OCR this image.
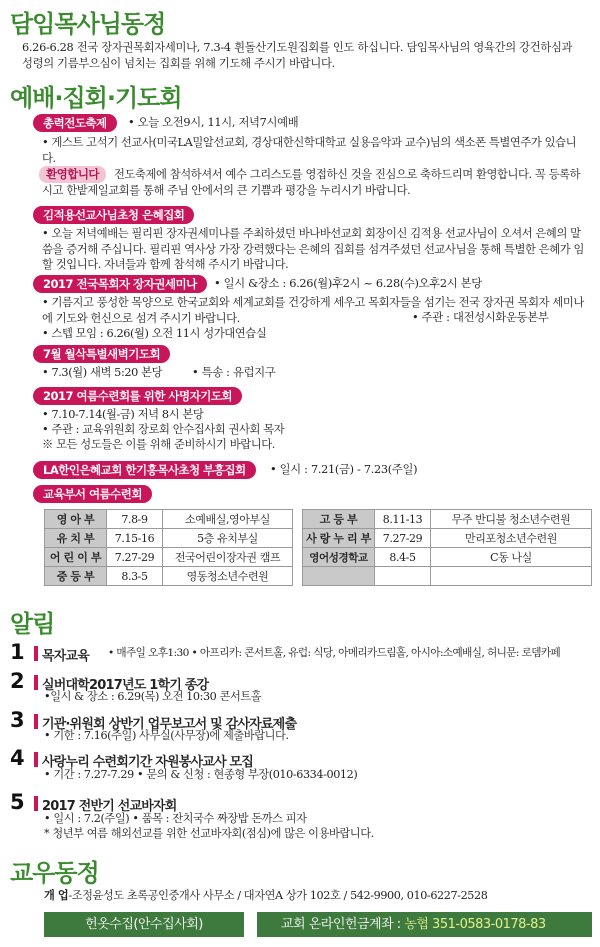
담임목사님동정
6.26-6.28 전국 장자권목회자세미나, 7.3-4 휜돌산기도원집회를 인도 하십니다. 담임목사님의 영육간의 강건하심과 성령의 기름부으심이 넘치는 집회를 위해 기도해 주시기 바랍니다.
예배·집회·기도회
총력전도축제	• 오늘 오전9시, 11시, 저녁7시예배
• 게스트 고석기 선교사(미국LA밀알선교회, 경상대한신학대학교 실용음악과 교수)님의 색소폰 특별연주가 있습니다.
환영합니다	전도축제에 참석하셔서 예수 그리스도를 영접하신 것을 진심으로 축하드리며 환영합니다. 꼭 등록하시고 한밭제일교회를 통해 주님 안에서의 큰 기쁨과 평강을 누리시기 바랍니다.
김적용선교사님초청 은혜집회
• 오늘 저녁예배는 필리핀 장자권세미나를 주최하셨던 바나바선교회 회장이신 김적용 선교사님이 오셔서 은혜의 말씀을 증거해 주십니다. 필리핀 역사상 가장 강력했다는 은혜의 집회를 섬겨주셨던 선교사님을 통해 특별한 은혜가 임할 것입니다. 자녀들과 함께 참석해 주시기 바랍니다.
2017 전국목회자 장자권세미나	• 일시 &장소 : 6.26(월)후2시 ~ 6.28(수)오후2시 본당
• 기름지고 풍성한 목양으로 한국교회와 세계교회를 건강하게 세우고 목회자들을 섬기는 전국 장자권 목회자 세미나에 기도와 헌신으로 섬겨 주시기 바랍니다.	• 주관 : 대전성시화운동본부
• 스텝 모임 : 6.26(월) 오전 11시 성가대연습실
7월 월삭특별새벽기도회
• 7.3(월) 새벽 5:20 본당	• 특송 : 유럽지구
2017 여름수련회를 위한 사명자기도회
• 7.10-7.14(월-금) 저녁 8시 본당
• 주관 : 교육위원회 장로회 안수집사회 권사회 목자
※ 모든 성도들은 이를 위해 준비하시기 바랍니다.
LA한인은혜교회 한기홍목사초청 부흥집회	• 일시 : 7.21(금) - 7.23(주일)
교육부서 여름수련회
영 아 부	7.8-9	소예배실,영아부실		고 등 부	8.11-13	무주 반디불 청소년수련원
유 치 부	7.15-16	5층 유치부실		사 랑 누 리 부	7.27-29	만리포청소년수련원
어 린 이 부	7.27-29	전국어린이장자권 캠프		영어성경학교	8.4-5	C동 나실
중 등 부	8.3-5	영동청소년수련원				
알림
1 목자교육 • 매주일 오후1:30 • 아프리카: 콘서트홀, 유럽: 식당, 아메리카드림홀, 아시아:소예배실, 허니문: 로뎀카페
2 실버대학2017년도 1학기 종강
•일시 & 장소 : 6.29(목) 오전 10:30 콘서트홀
3 기관·위원회 상반기 업무보고서 및 감사자료제출
• 기한 : 7.16(주일) 사무실(사무장)에 제출바랍니다.
4 사랑누리 수련회기간 자원봉사교사 모집
• 기간 : 7.27-7.29 • 문의 & 신청 : 현종형 부장(010-6334-0012)
5 2017 전반기 선교바자회
• 일시 : 7.2(주일) • 품목 : 잔치국수 짜장밥 돈까스 피자
* 청년부 여름 해외선교를 위한 선교바자회(점심)에 많은 이용바랍니다.
교우동정
개 업-조정윤성도 초록공인중개사 사무소 / 대자연A 상가 102호 / 542-9900, 010-6227-2528
헌옷수집(안수집사회)	교회 온라인헌금계좌 : 농협 351-0583-0178-83
